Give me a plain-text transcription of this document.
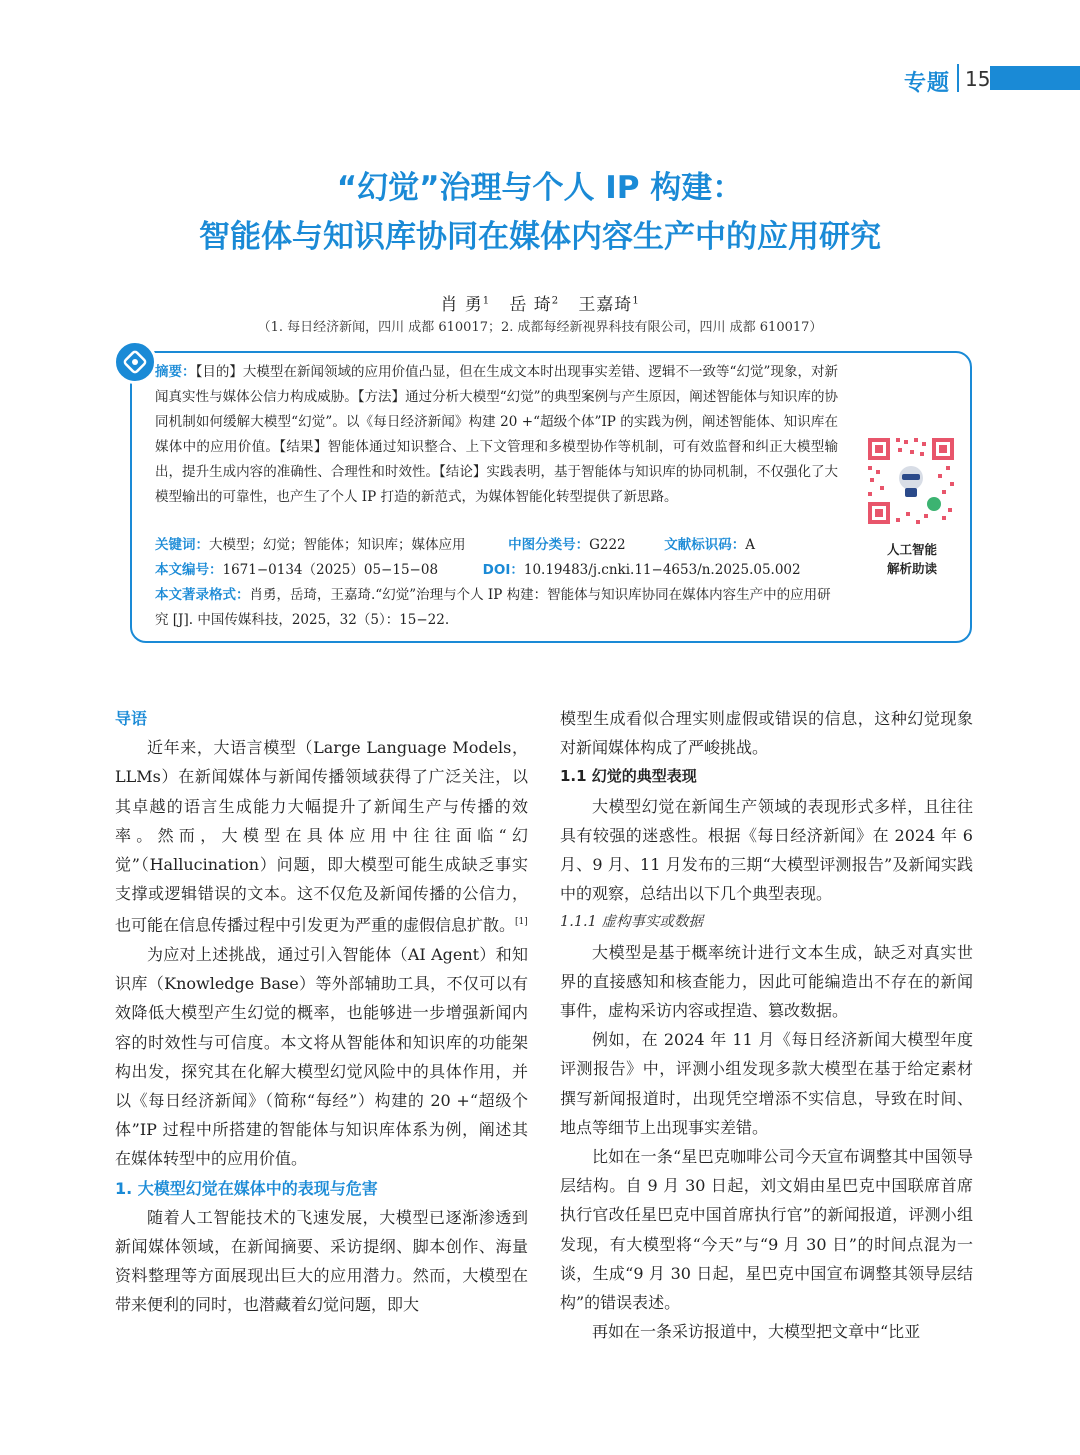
专题 15
“幻觉”治理与个人 IP 构建：
智能体与知识库协同在媒体内容生产中的应用研究
肖 勇$^1$ 岳 琦$^2$ 王嘉琦$^1$
（1. 每日经济新闻，四川 成都 610017；2. 成都每经新视界科技有限公司，四川 成都 610017）
摘要：【目的】大模型在新闻领域的应用价值凸显，但在生成文本时出现事实差错、逻辑不一致等“幻觉”现象，对新闻真实性与媒体公信力构成威胁。【方法】通过分析大模型“幻觉”的典型案例与产生原因，阐述智能体与知识库的协同机制如何缓解大模型“幻觉”。以《每日经济新闻》构建 20 +“超级个体”IP 的实践为例，阐述智能体、知识库在媒体中的应用价值。【结果】智能体通过知识整合、上下文管理和多模型协作等机制，可有效监督和纠正大模型输出，提升生成内容的准确性、合理性和时效性。【结论】实践表明，基于智能体与知识库的协同机制，不仅强化了大模型输出的可靠性，也产生了个人 IP 打造的新范式，为媒体智能化转型提供了新思路。
关键词：大模型；幻觉；智能体；知识库；媒体应用	中图分类号：G222	文献标识码：A
本文编号：1671−0134（2025）05−15−08	DOI：10.19483/j.cnki.11−4653/n.2025.05.002
本文著录格式：肖勇，岳琦，王嘉琦.“幻觉”治理与个人 IP 构建：智能体与知识库协同在媒体内容生产中的应用研究 [J]. 中国传媒科技，2025，32（5）：15−22.
人工智能
解析助读
导语

近年来，大语言模型（Large Language Models，LLMs）在新闻媒体与新闻传播领域获得了广泛关注，以其卓越的语言生成能力大幅提升了新闻生产与传播的效率。然而，大模型在具体应用中往往面临“幻觉”（Hallucination）问题，即大模型可能生成缺乏事实支撑或逻辑错误的文本。这不仅危及新闻传播的公信力，也可能在信息传播过程中引发更为严重的虚假信息扩散。[1]

为应对上述挑战，通过引入智能体（AI Agent）和知识库（Knowledge Base）等外部辅助工具，不仅可以有效降低大模型产生幻觉的概率，也能够进一步增强新闻内容的时效性与可信度。本文将从智能体和知识库的功能架构出发，探究其在化解大模型幻觉风险中的具体作用，并以《每日经济新闻》（简称“每经”）构建的 20 +“超级个体”IP 过程中所搭建的智能体与知识库体系为例，阐述其在媒体转型中的应用价值。

1. 大模型幻觉在媒体中的表现与危害

随着人工智能技术的飞速发展，大模型已逐渐渗透到新闻媒体领域，在新闻摘要、采访提纲、脚本创作、海量资料整理等方面展现出巨大的应用潜力。然而，大模型在带来便利的同时，也潜藏着幻觉问题，即大

模型生成看似合理实则虚假或错误的信息，这种幻觉现象对新闻媒体构成了严峻挑战。

1.1 幻觉的典型表现

大模型幻觉在新闻生产领域的表现形式多样，且往往具有较强的迷惑性。根据《每日经济新闻》在 2024 年 6 月、9 月、11 月发布的三期“大模型评测报告”及新闻实践中的观察，总结出以下几个典型表现。

1.1.1 虚构事实或数据

大模型是基于概率统计进行文本生成，缺乏对真实世界的直接感知和核查能力，因此可能编造出不存在的新闻事件，虚构采访内容或捏造、篡改数据。

例如，在 2024 年 11 月《每日经济新闻大模型年度评测报告》中，评测小组发现多款大模型在基于给定素材撰写新闻报道时，出现凭空增添不实信息，导致在时间、地点等细节上出现事实差错。

比如在一条“星巴克咖啡公司今天宣布调整其中国领导层结构。自 9 月 30 日起，刘文娟由星巴克中国联席首席执行官改任星巴克中国首席执行官”的新闻报道，评测小组发现，有大模型将“今天”与“9 月 30 日”的时间点混为一谈，生成“9 月 30 日起，星巴克中国宣布调整其领导层结构”的错误表述。

再如在一条采访报道中，大模型把文章中“比亚
